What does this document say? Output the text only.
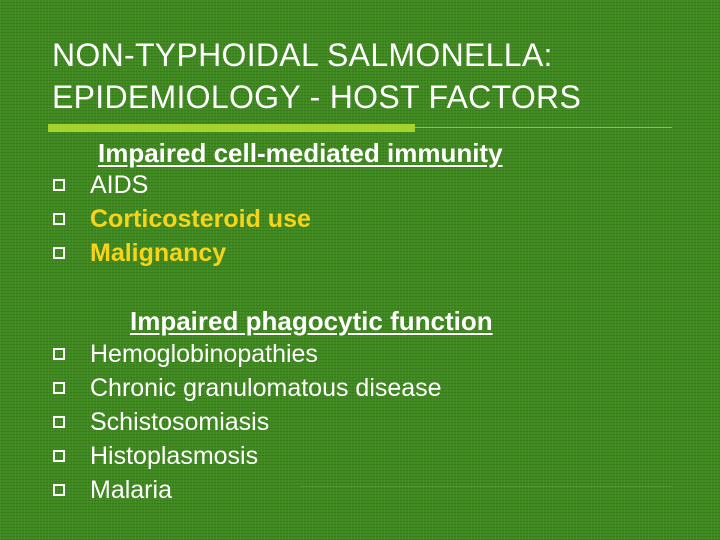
NON-TYPHOIDAL SALMONELLA:
EPIDEMIOLOGY - HOST FACTORS
Impaired cell-mediated immunity
AIDS
Corticosteroid use
Malignancy
Impaired phagocytic function
Hemoglobinopathies
Chronic granulomatous disease
Schistosomiasis
Histoplasmosis
Malaria
